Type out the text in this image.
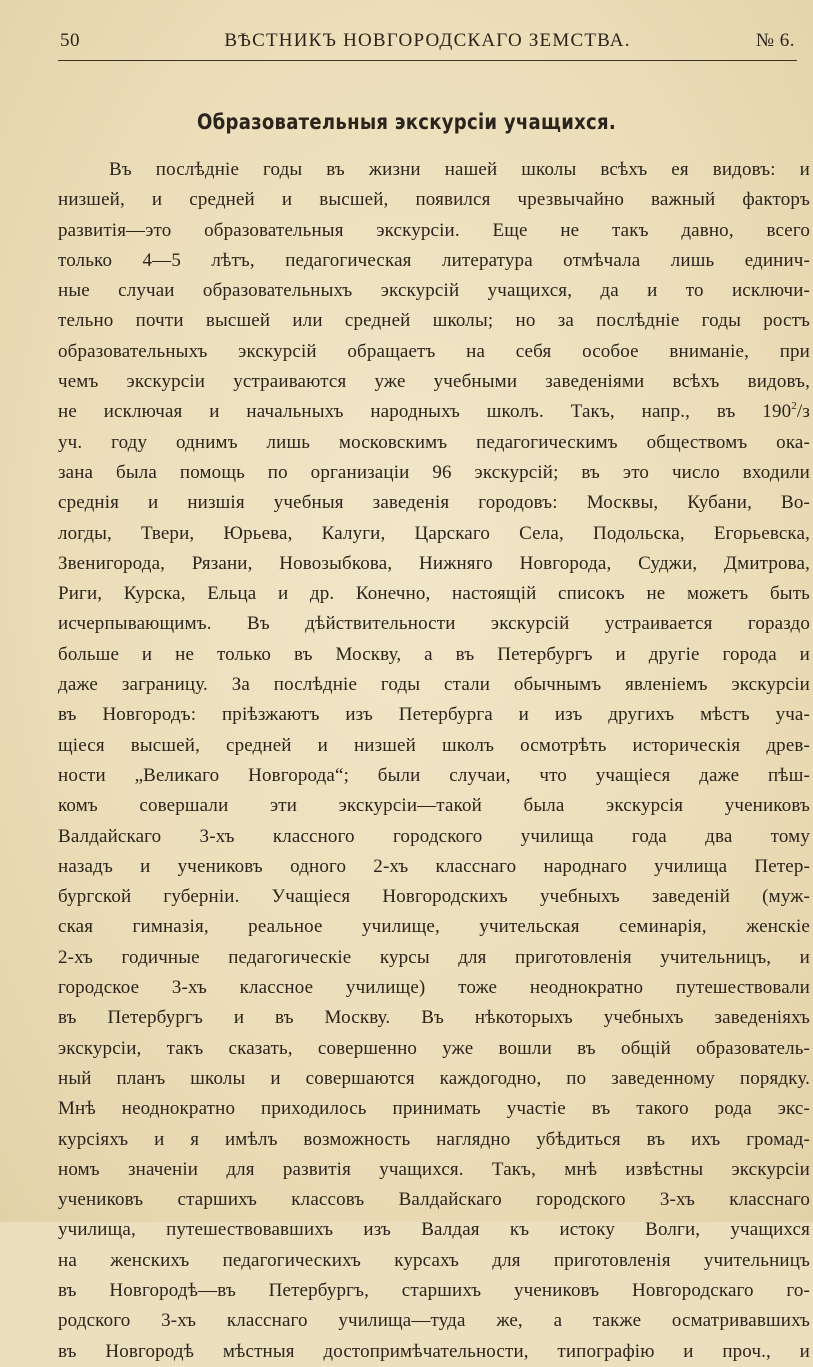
50	ВѢСТНИКЪ НОВГОРОДСКАГО ЗЕМСТВА.	№ 6.
Образовательныя экскурсіи учащихся.
Въ послѣдніе годы въ жизни нашей школы всѣхъ ея видовъ: и
низшей, и средней и высшей, появился чрезвычайно важный факторъ
развитія—это образовательныя экскурсіи. Еще не такъ давно, всего
только 4—5 лѣтъ, педагогическая литература отмѣчала лишь единич-
ные случаи образовательныхъ экскурсій учащихся, да и то исключи-
тельно почти высшей или средней школы; но за послѣдніе годы ростъ
образовательныхъ экскурсій обращаетъ на себя особое вниманіе, при
чемъ экскурсіи устраиваются уже учебными заведеніями всѣхъ видовъ,
не исключая и начальныхъ народныхъ школъ. Такъ, напр., въ $190^2/з$
уч. году однимъ лишь московскимъ педагогическимъ обществомъ ока-
зана была помощь по организаціи 96 экскурсій; въ это число входили
среднія и низшія учебныя заведенія городовъ: Москвы, Кубани, Во-
логды, Твери, Юрьева, Калуги, Царскаго Села, Подольска, Егорьевска,
Звенигорода, Рязани, Новозыбкова, Нижняго Новгорода, Суджи, Дмитрова,
Риги, Курска, Ельца и др. Конечно, настоящій списокъ не можетъ быть
исчерпывающимъ. Въ дѣйствительности экскурсій устраивается гораздо
больше и не только въ Москву, а въ Петербургъ и другіе города и
даже заграницу. За послѣдніе годы стали обычнымъ явленіемъ экскурсіи
въ Новгородъ: пріѣзжаютъ изъ Петербурга и изъ другихъ мѣстъ уча-
щіеся высшей, средней и низшей школъ осмотрѣть историческія древ-
ности „Великаго Новгорода“; были случаи, что учащіеся даже пѣш-
комъ совершали эти экскурсіи—такой была экскурсія учениковъ
Валдайскаго 3-хъ классного городского училища года два тому
назадъ и учениковъ одного 2-хъ класснаго народнаго училища Петер-
бургской губерніи. Учащіеся Новгородскихъ учебныхъ заведеній (муж-
ская гимназія, реальное училище, учительская семинарія, женскіе
2-хъ годичные педагогическіе курсы для приготовленія учительницъ, и
городское 3-хъ классное училище) тоже неоднократно путешествовали
въ Петербургъ и въ Москву. Въ нѣкоторыхъ учебныхъ заведеніяхъ
экскурсіи, такъ сказать, совершенно уже вошли въ общій образователь-
ный планъ школы и совершаются каждогодно, по заведенному порядку.
Мнѣ неоднократно приходилось принимать участіе въ такого рода экс-
курсіяхъ и я имѣлъ возможность наглядно убѣдиться въ ихъ громад-
номъ значеніи для развитія учащихся. Такъ, мнѣ извѣстны экскурсіи
учениковъ старшихъ классовъ Валдайскаго городского 3-хъ класснаго
училища, путешествовавшихъ изъ Валдая къ истоку Волги, учащихся
на женскихъ педагогическихъ курсахъ для приготовленія учительницъ
въ Новгородѣ—въ Петербургъ, старшихъ учениковъ Новгородскаго го-
родского 3-хъ класснаго училища—туда же, а также осматривавшихъ
въ Новгородѣ мѣстныя достопримѣчательности, типографію и проч., и
